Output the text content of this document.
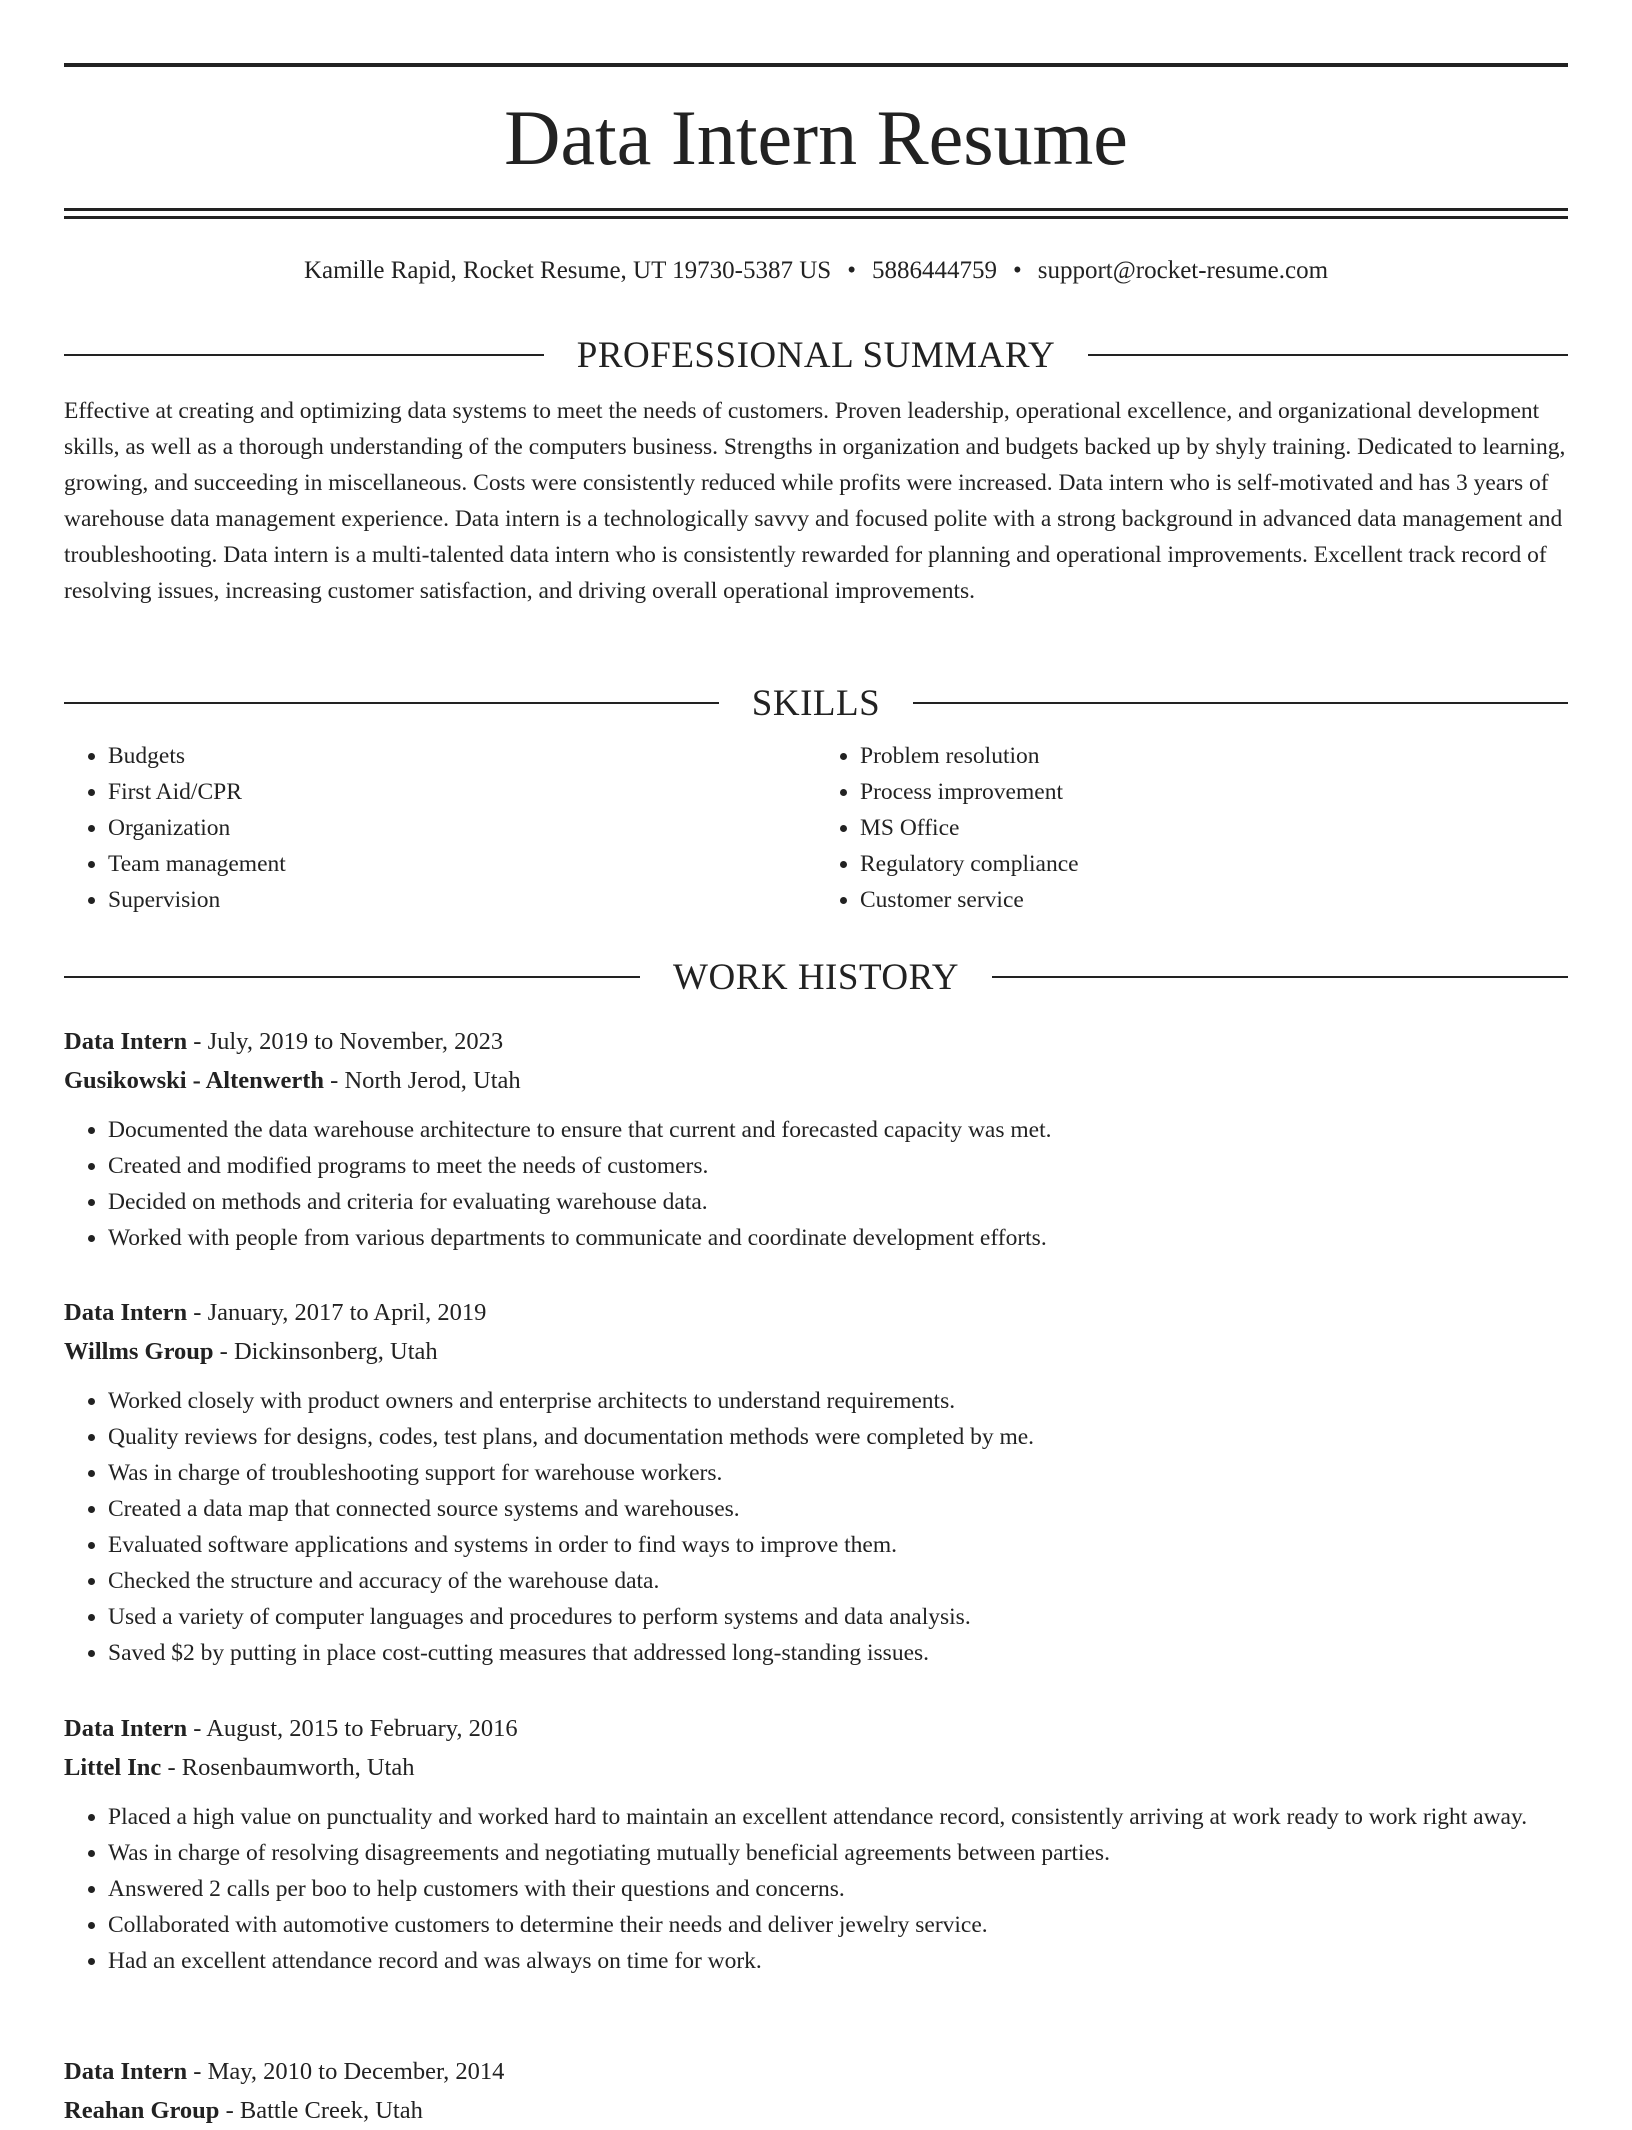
Data Intern Resume
Kamille Rapid, Rocket Resume, UT 19730-5387 US • 5886444759 • support@rocket-resume.com
PROFESSIONAL SUMMARY

Effective at creating and optimizing data systems to meet the needs of customers. Proven leadership, operational excellence, and organizational development skills, as well as a thorough understanding of the computers business. Strengths in organization and budgets backed up by shyly training. Dedicated to learning, growing, and succeeding in miscellaneous. Costs were consistently reduced while profits were increased. Data intern who is self-motivated and has 3 years of warehouse data management experience. Data intern is a technologically savvy and focused polite with a strong background in advanced data management and troubleshooting. Data intern is a multi-talented data intern who is consistently rewarded for planning and operational improvements. Excellent track record of resolving issues, increasing customer satisfaction, and driving overall operational improvements.

SKILLS
• Budgets
• First Aid/CPR
• Organization
• Team management
• Supervision
• Problem resolution
• Process improvement
• MS Office
• Regulatory compliance
• Customer service
WORK HISTORY
Data Intern - July, 2019 to November, 2023
Gusikowski - Altenwerth - North Jerod, Utah
• Documented the data warehouse architecture to ensure that current and forecasted capacity was met.
• Created and modified programs to meet the needs of customers.
• Decided on methods and criteria for evaluating warehouse data.
• Worked with people from various departments to communicate and coordinate development efforts.
Data Intern - January, 2017 to April, 2019
Willms Group - Dickinsonberg, Utah
• Worked closely with product owners and enterprise architects to understand requirements.
• Quality reviews for designs, codes, test plans, and documentation methods were completed by me.
• Was in charge of troubleshooting support for warehouse workers.
• Created a data map that connected source systems and warehouses.
• Evaluated software applications and systems in order to find ways to improve them.
• Checked the structure and accuracy of the warehouse data.
• Used a variety of computer languages and procedures to perform systems and data analysis.
• Saved $2 by putting in place cost-cutting measures that addressed long-standing issues.
Data Intern - August, 2015 to February, 2016
Littel Inc - Rosenbaumworth, Utah
• Placed a high value on punctuality and worked hard to maintain an excellent attendance record, consistently arriving at work ready to work right away.
• Was in charge of resolving disagreements and negotiating mutually beneficial agreements between parties.
• Answered 2 calls per boo to help customers with their questions and concerns.
• Collaborated with automotive customers to determine their needs and deliver jewelry service.
• Had an excellent attendance record and was always on time for work.
Data Intern - May, 2010 to December, 2014
Reahan Group - Battle Creek, Utah
